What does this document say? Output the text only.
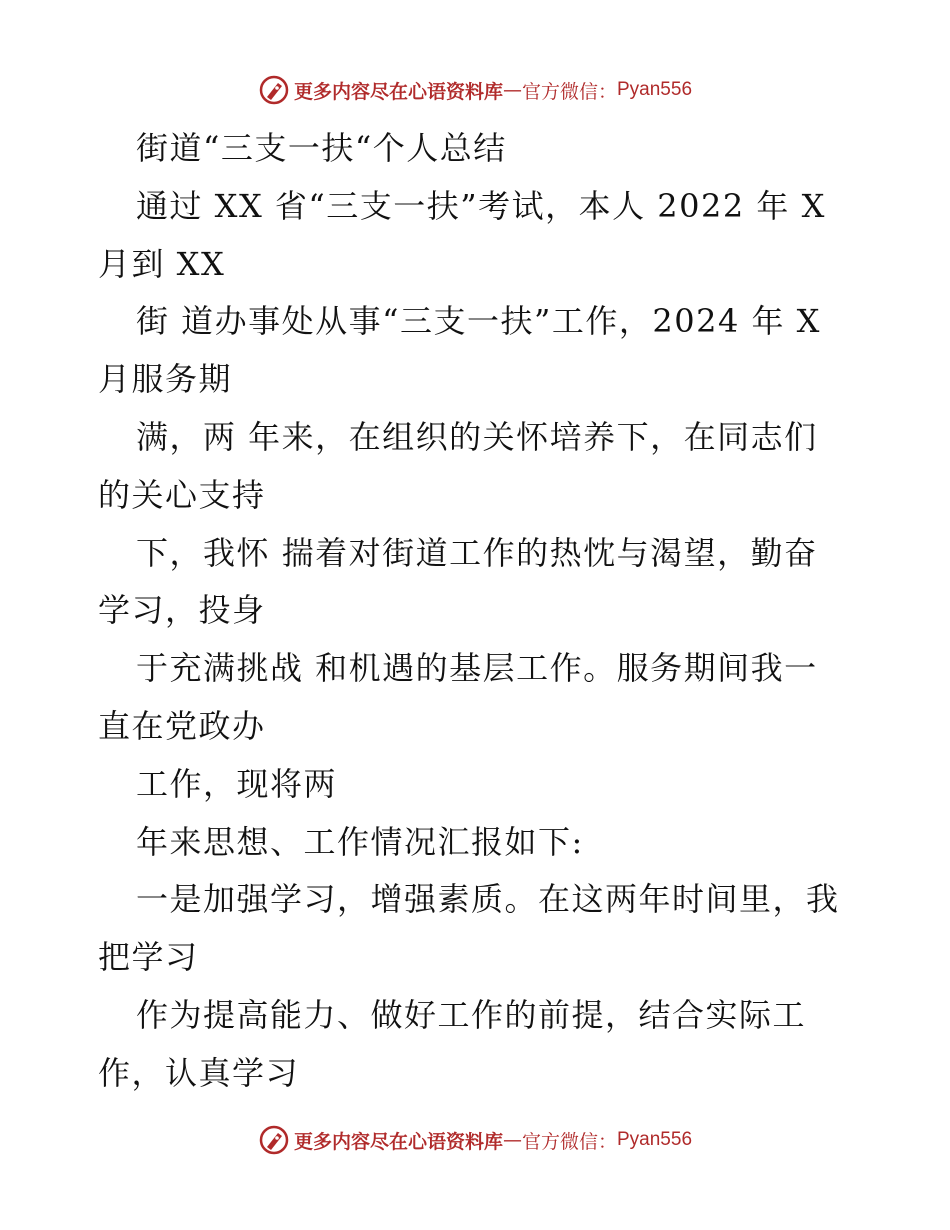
更多内容尽在心语资料库 — 官方微信： Pyan556
街道“三支一扶“个人总结
通过 XX 省“三支一扶”考试，本人 2022 年 X
月到 XX
街 道办事处从事“三支一扶”工作，2024 年 X
月服务期
满，两 年来，在组织的关怀培养下，在同志们
的关心支持
下，我怀 揣着对街道工作的热忱与渴望，勤奋
学习，投身
于充满挑战 和机遇的基层工作。服务期间我一
直在党政办
工作，现将两
年来思想、工作情况汇报如下:
一是加强学习，增强素质。在这两年时间里，我
把学习
作为提高能力、做好工作的前提，结合实际工
作，认真学习
更多内容尽在心语资料库 — 官方微信： Pyan556
